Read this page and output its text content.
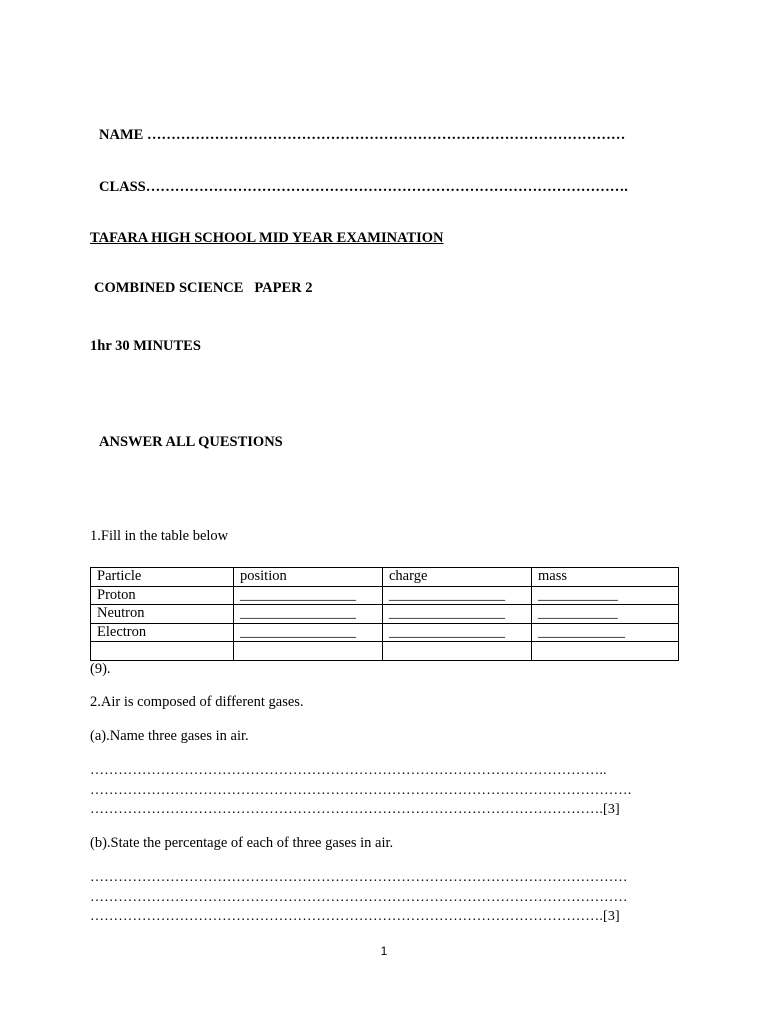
NAME ………………………………………………………………………………………
CLASS……………………………………………………………………………………….
TAFARA HIGH SCHOOL MID YEAR EXAMINATION
COMBINED SCIENCE   PAPER 2
1hr 30 MINUTES
ANSWER ALL QUESTIONS
1.Fill in the table below
Particle	position	charge	mass
Proton	________________	________________	___________
Neutron	________________	________________	___________
Electron	________________	________________	____________

(9).
2.Air is composed of different gases.
(a).Name three gases in air.
………………………………………………………………………………………………..
…………………………………………………………………………………………………….
……………………………………………………………………………………………….[3]
(b).State the percentage of each of three gases in air.
……………………………………………………………………………………………………
……………………………………………………………………………………………………
……………………………………………………………………………………………….[3]
1
